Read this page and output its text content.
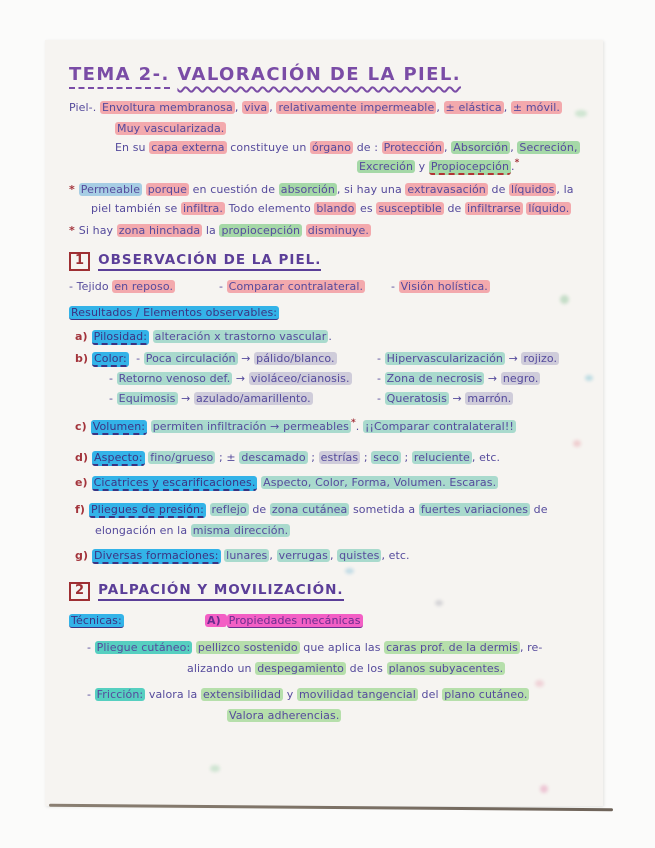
TEMA 2-. VALORACIÓN DE LA PIEL.
Piel-. Envoltura membranosa , viva , relativamente impermeable , ± elástica , ± móvil.
Muy vascularizada.
En su capa externa constituye un órgano de : Protección , Absorción , Secreción,
Excreción y Propiocepción .*
* Permeable porque en cuestión de absorción , si hay una extravasación de líquidos , la
piel también se infiltra. Todo elemento blando es susceptible de infiltrarse líquido.
* Si hay zona hinchada la propiocepción disminuye.
1 OBSERVACIÓN DE LA PIEL.
- Tejido en reposo.	- Comparar contralateral.	- Visión holística.
Resultados / Elementos observables:
a) Pilosidad: alteración x trastorno vascular .
b) Color:  - Poca circulación → pálido/blanco.	- Hipervascularización → rojizo.
- Retorno venoso def. → violáceo/cianosis. - Zona de necrosis → negro.
- Equimosis → azulado/amarillento.	- Queratosis → marrón.
c) Volumen: permiten infiltración → permeables *. ¡¡Comparar contralateral!!
d) Aspecto: fino/grueso ; ± descamado ; estrías ; seco ; reluciente , etc.
e) Cicatrices y escarificaciones. Aspecto, Color, Forma, Volumen. Escaras.
f) Pliegues de presión: reflejo de zona cutánea sometida a fuertes variaciones de
elongación en la misma dirección.
g) Diversas formaciones: lunares , verrugas , quistes , etc.
2 PALPACIÓN Y MOVILIZACIÓN.
Técnicas:	A) Propiedades mecánicas
- Pliegue cutáneo: pellizco sostenido que aplica las caras prof. de la dermis , re-
alizando un despegamiento de los planos subyacentes.
- Fricción: valora la extensibilidad y movilidad tangencial del plano cutáneo.
Valora adherencias.
